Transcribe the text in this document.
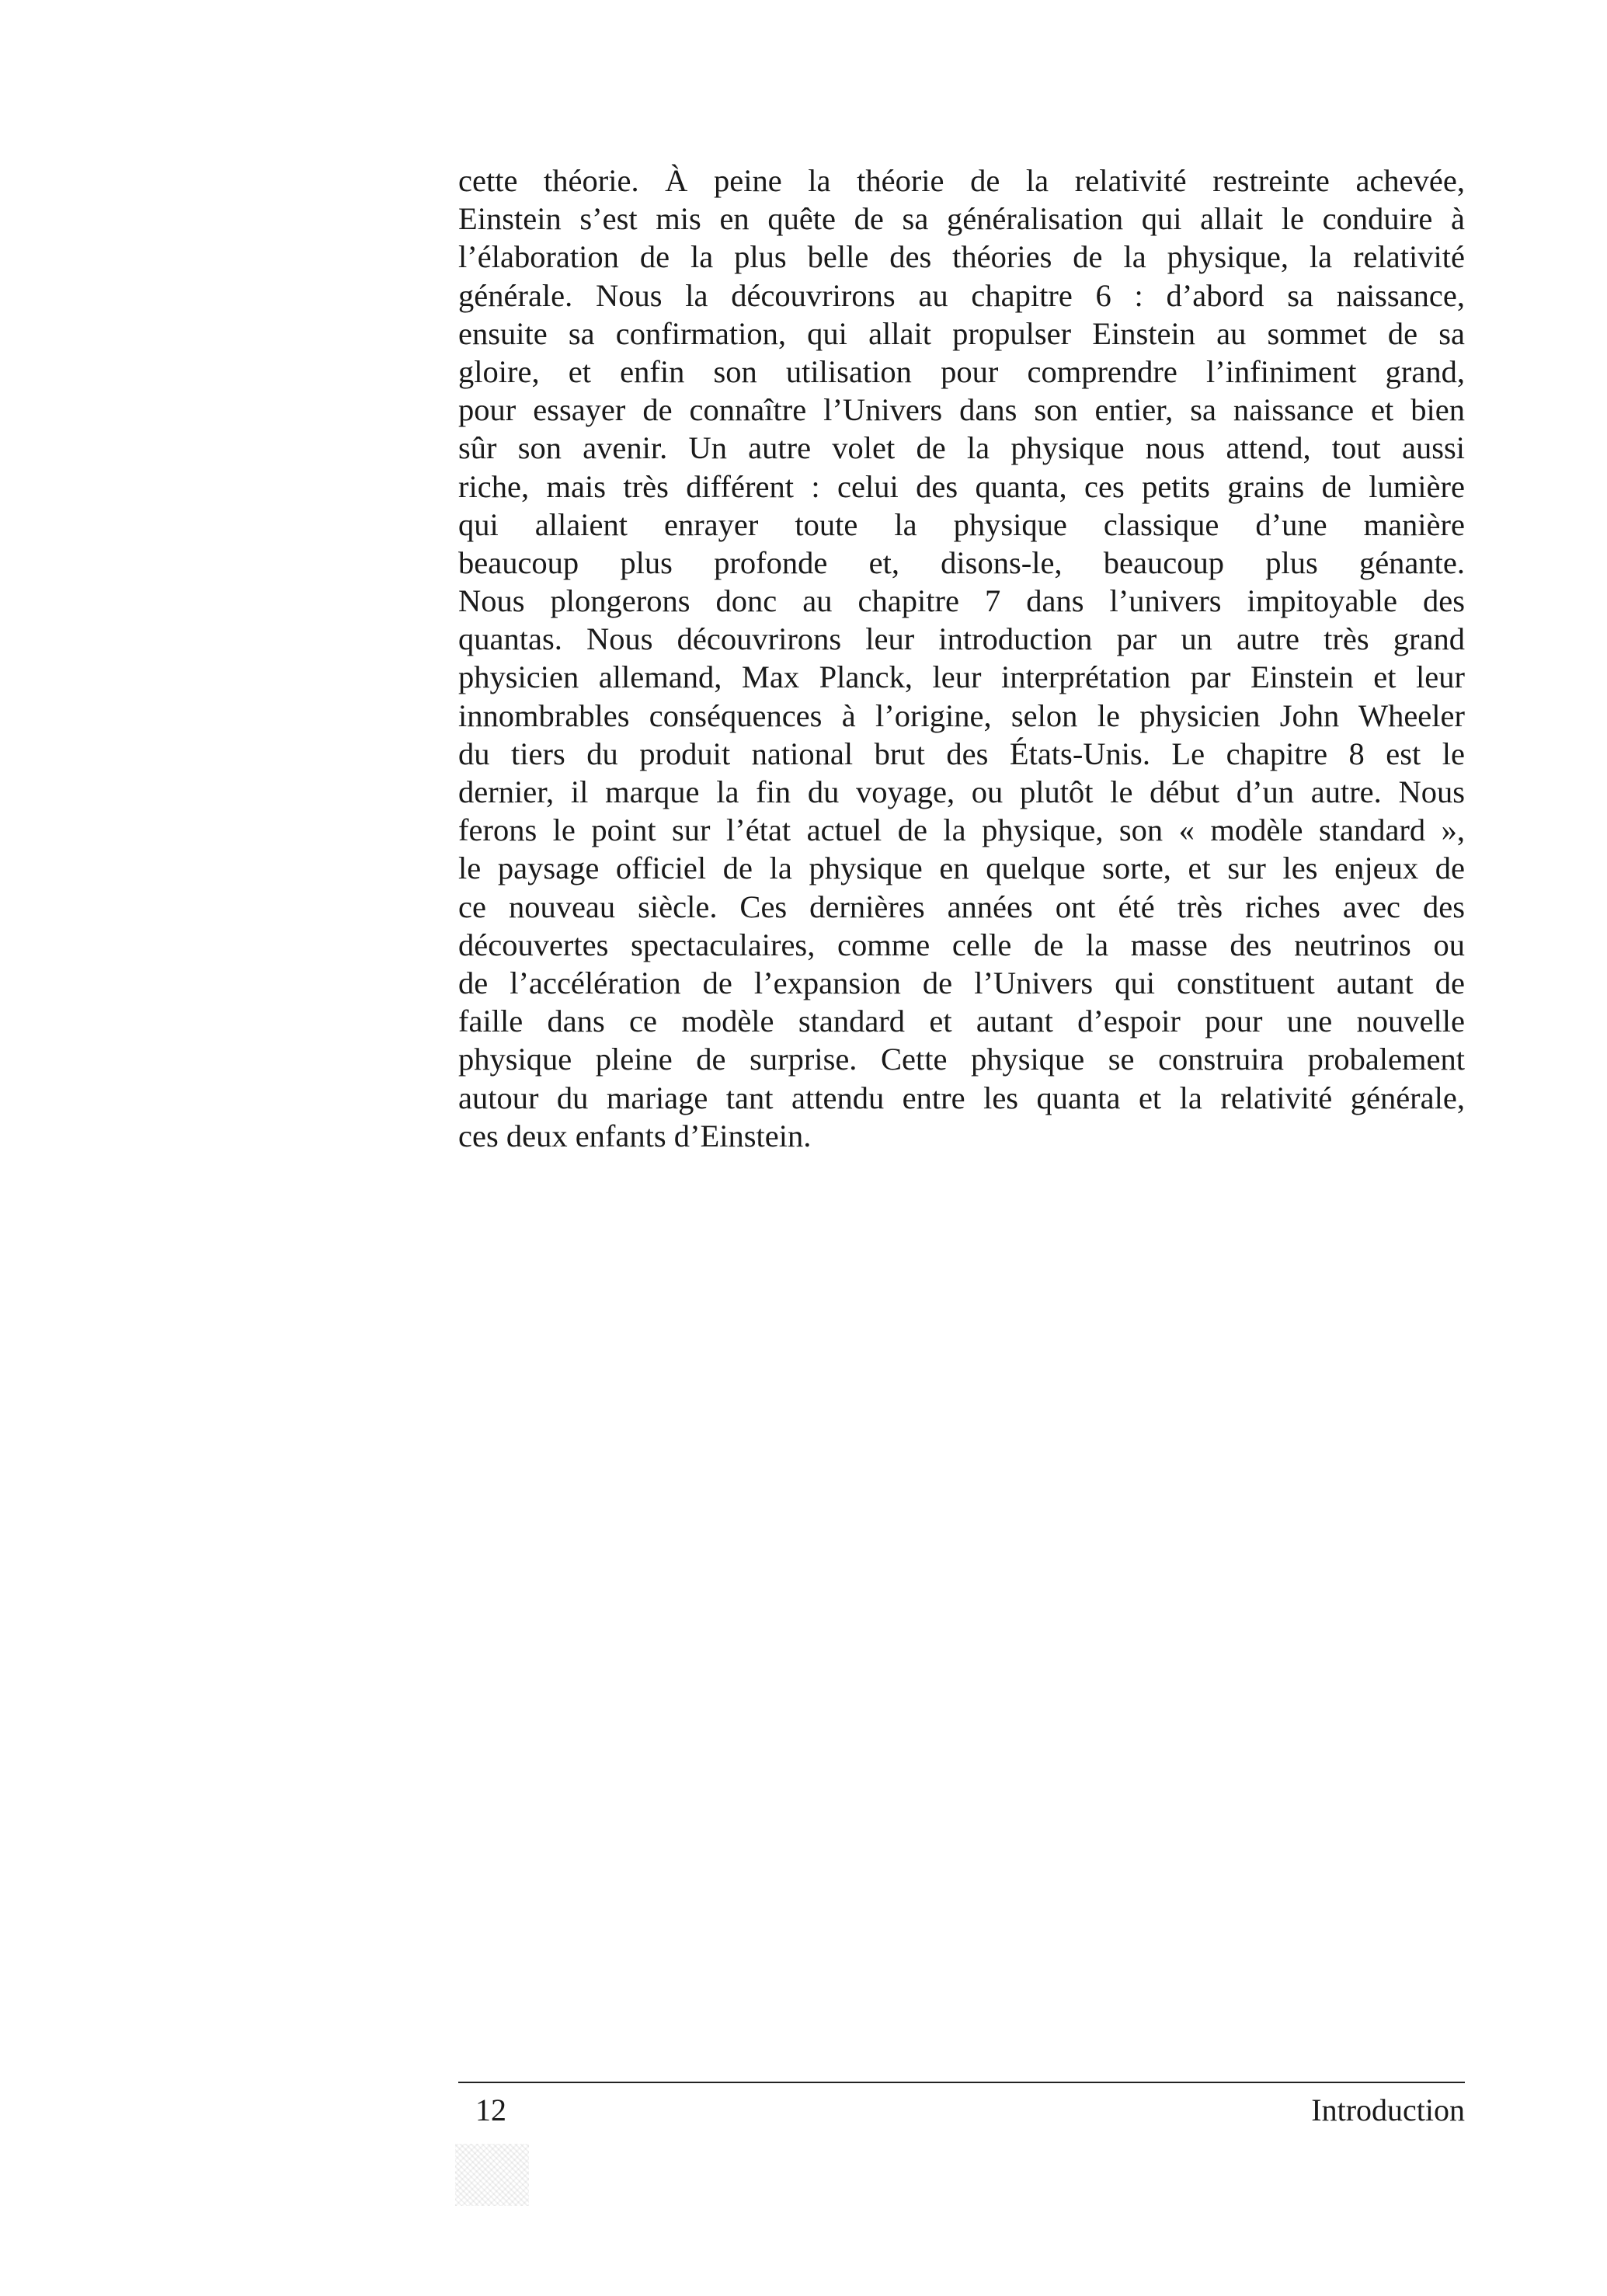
cette théorie. À peine la théorie de la relativité restreinte achevée,
Einstein s’est mis en quête de sa généralisation qui allait le conduire à
l’élaboration de la plus belle des théories de la physique, la relativité
générale. Nous la découvrirons au chapitre 6 : d’abord sa naissance,
ensuite sa confirmation, qui allait propulser Einstein au sommet de sa
gloire, et enfin son utilisation pour comprendre l’infiniment grand,
pour essayer de connaître l’Univers dans son entier, sa naissance et bien
sûr son avenir. Un autre volet de la physique nous attend, tout aussi
riche, mais très différent : celui des quanta, ces petits grains de lumière
qui allaient enrayer toute la physique classique d’une manière
beaucoup plus profonde et, disons-le, beaucoup plus génante.
Nous plongerons donc au chapitre 7 dans l’univers impitoyable des
quantas. Nous découvrirons leur introduction par un autre très grand
physicien allemand, Max Planck, leur interprétation par Einstein et leur
innombrables conséquences à l’origine, selon le physicien John Wheeler
du tiers du produit national brut des États-Unis. Le chapitre 8 est le
dernier, il marque la fin du voyage, ou plutôt le début d’un autre. Nous
ferons le point sur l’état actuel de la physique, son « modèle standard »,
le paysage officiel de la physique en quelque sorte, et sur les enjeux de
ce nouveau siècle. Ces dernières années ont été très riches avec des
découvertes spectaculaires, comme celle de la masse des neutrinos ou
de l’accélération de l’expansion de l’Univers qui constituent autant de
faille dans ce modèle standard et autant d’espoir pour une nouvelle
physique pleine de surprise. Cette physique se construira probalement
autour du mariage tant attendu entre les quanta et la relativité générale,
ces deux enfants d’Einstein.
12	Introduction
